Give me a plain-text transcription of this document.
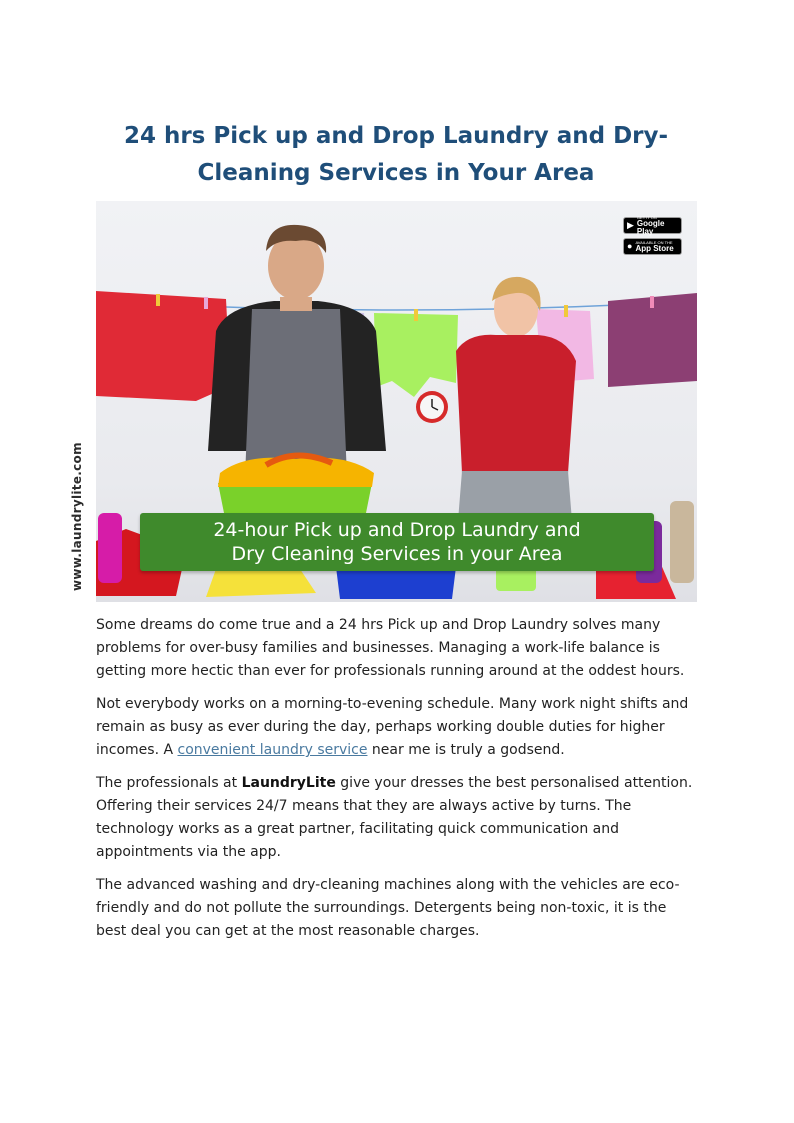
24 hrs Pick up and Drop Laundry and Dry-Cleaning Services in Your Area
www.laundrylite.com
▶
GET IT ON
Google Play
● AVAILABLE ON THE
App Store
24-hour Pick up and Drop Laundry and
Dry Cleaning Services in your Area

Some dreams do come true and a 24 hrs Pick up and Drop Laundry solves many problems for over-busy families and businesses. Managing a work-life balance is getting more hectic than ever for professionals running around at the oddest hours.

Not everybody works on a morning-to-evening schedule. Many work night shifts and remain as busy as ever during the day, perhaps working double duties for higher incomes. A convenient laundry service near me is truly a godsend.

The professionals at LaundryLite give your dresses the best personalised attention. Offering their services 24/7 means that they are always active by turns. The technology works as a great partner, facilitating quick communication and appointments via the app.

The advanced washing and dry-cleaning machines along with the vehicles are eco-friendly and do not pollute the surroundings. Detergents being non-toxic, it is the best deal you can get at the most reasonable charges.
